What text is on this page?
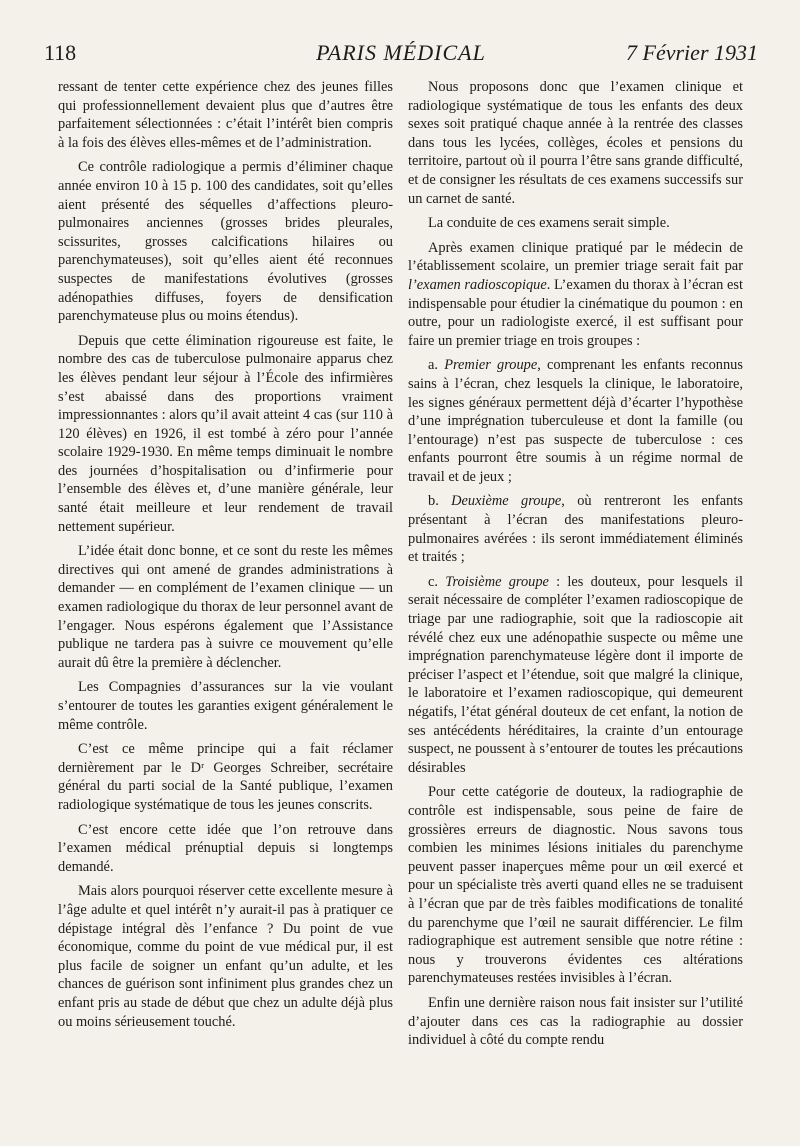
118	PARIS MÉDICAL	7 Février 1931

ressant de tenter cette expérience chez des jeunes filles qui professionnellement devaient plus que d’autres être parfaitement sélectionnées : c’était l’intérêt bien compris à la fois des élèves elles-mêmes et de l’administration.

Ce contrôle radiologique a permis d’éliminer chaque année environ 10 à 15 p. 100 des candidates, soit qu’elles aient présenté des séquelles d’affections pleuro-pulmonaires anciennes (grosses brides pleurales, scissurites, grosses calcifications hilaires ou parenchymateuses), soit qu’elles aient été reconnues suspectes de manifestations évolutives (grosses adénopathies diffuses, foyers de densification parenchymateuse plus ou moins étendus).

Depuis que cette élimination rigoureuse est faite, le nombre des cas de tuberculose pulmonaire apparus chez les élèves pendant leur séjour à l’École des infirmières s’est abaissé dans des proportions vraiment impressionnantes : alors qu’il avait atteint 4 cas (sur 110 à 120 élèves) en 1926, il est tombé à zéro pour l’année scolaire 1929-1930. En même temps diminuait le nombre des journées d’hospitalisation ou d’infirmerie pour l’ensemble des élèves et, d’une manière générale, leur santé était meilleure et leur rendement de travail nettement supérieur.

L’idée était donc bonne, et ce sont du reste les mêmes directives qui ont amené de grandes administrations à demander — en complément de l’examen clinique — un examen radiologique du thorax de leur personnel avant de l’engager. Nous espérons également que l’Assistance publique ne tardera pas à suivre ce mouvement qu’elle aurait dû être la première à déclencher.

Les Compagnies d’assurances sur la vie voulant s’entourer de toutes les garanties exigent généralement le même contrôle.

C’est ce même principe qui a fait réclamer dernièrement par le Dʳ Georges Schreiber, secrétaire général du parti social de la Santé publique, l’examen radiologique systématique de tous les jeunes conscrits.

C’est encore cette idée que l’on retrouve dans l’examen médical prénuptial depuis si longtemps demandé.

Mais alors pourquoi réserver cette excellente mesure à l’âge adulte et quel intérêt n’y aurait-il pas à pratiquer ce dépistage intégral dès l’enfance ? Du point de vue économique, comme du point de vue médical pur, il est plus facile de soigner un enfant qu’un adulte, et les chances de guérison sont infiniment plus grandes chez un enfant pris au stade de début que chez un adulte déjà plus ou moins sérieusement touché.

Nous proposons donc que l’examen clinique et radiologique systématique de tous les enfants des deux sexes soit pratiqué chaque année à la rentrée des classes dans tous les lycées, collèges, écoles et pensions du territoire, partout où il pourra l’être sans grande difficulté, et de consigner les résultats de ces examens successifs sur un carnet de santé.

La conduite de ces examens serait simple.

Après examen clinique pratiqué par le médecin de l’établissement scolaire, un premier triage serait fait par l’examen radioscopique. L’examen du thorax à l’écran est indispensable pour étudier la cinématique du poumon : en outre, pour un radiologiste exercé, il est suffisant pour faire un premier triage en trois groupes :

a. Premier groupe, comprenant les enfants reconnus sains à l’écran, chez lesquels la clinique, le laboratoire, les signes généraux permettent déjà d’écarter l’hypothèse d’une imprégnation tuberculeuse et dont la famille (ou l’entourage) n’est pas suspecte de tuberculose : ces enfants pourront être soumis à un régime normal de travail et de jeux ;

b. Deuxième groupe, où rentreront les enfants présentant à l’écran des manifestations pleuro-pulmonaires avérées : ils seront immédiatement éliminés et traités ;

c. Troisième groupe : les douteux, pour lesquels il serait nécessaire de compléter l’examen radioscopique de triage par une radiographie, soit que la radioscopie ait révélé chez eux une adénopathie suspecte ou même une imprégnation parenchymateuse légère dont il importe de préciser l’aspect et l’étendue, soit que malgré la clinique, le laboratoire et l’examen radioscopique, qui demeurent négatifs, l’état général douteux de cet enfant, la notion de ses antécédents héréditaires, la crainte d’un entourage suspect, ne poussent à s’entourer de toutes les précautions désirables

Pour cette catégorie de douteux, la radiographie de contrôle est indispensable, sous peine de faire de grossières erreurs de diagnostic. Nous savons tous combien les minimes lésions initiales du parenchyme peuvent passer inaperçues même pour un œil exercé et pour un spécialiste très averti quand elles ne se traduisent à l’écran que par de très faibles modifications de tonalité du parenchyme que l’œil ne saurait différencier. Le film radiographique est autrement sensible que notre rétine : nous y trouverons évidentes ces altérations parenchymateuses restées invisibles à l’écran.

Enfin une dernière raison nous fait insister sur l’utilité d’ajouter dans ces cas la radiographie au dossier individuel à côté du compte rendu
